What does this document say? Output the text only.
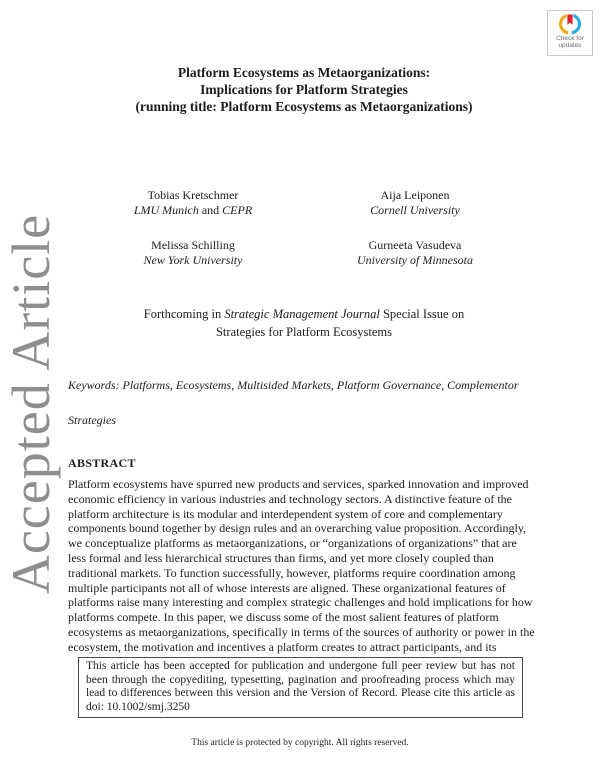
Check for updates
Accepted Article
Platform Ecosystems as Metaorganizations:
Implications for Platform Strategies
(running title: Platform Ecosystems as Metaorganizations)
Tobias Kretschmer
LMU Munich and CEPR
Aija Leiponen
Cornell University
Melissa Schilling
New York University
Gurneeta Vasudeva
University of Minnesota
Forthcoming in Strategic Management Journal Special Issue on
Strategies for Platform Ecosystems
Keywords: Platforms, Ecosystems, Multisided Markets, Platform Governance, Complementor
Strategies
ABSTRACT
Platform ecosystems have spurred new products and services, sparked innovation and improved economic efficiency in various industries and technology sectors. A distinctive feature of the platform architecture is its modular and interdependent system of core and complementary components bound together by design rules and an overarching value proposition. Accordingly, we conceptualize platforms as metaorganizations, or “organizations of organizations” that are less formal and less hierarchical structures than firms, and yet more closely coupled than traditional markets. To function successfully, however, platforms require coordination among multiple participants not all of whose interests are aligned. These organizational features of platforms raise many interesting and complex strategic challenges and hold implications for how platforms compete. In this paper, we discuss some of the most salient features of platform ecosystems as metaorganizations, specifically in terms of the sources of authority or power in the ecosystem, the motivation and incentives a platform creates to attract participants, and its
This article has been accepted for publication and undergone full peer review but has not been through the copyediting, typesetting, pagination and proofreading process which may lead to differences between this version and the Version of Record. Please cite this article as doi: 10.1002/smj.3250
This article is protected by copyright. All rights reserved.
